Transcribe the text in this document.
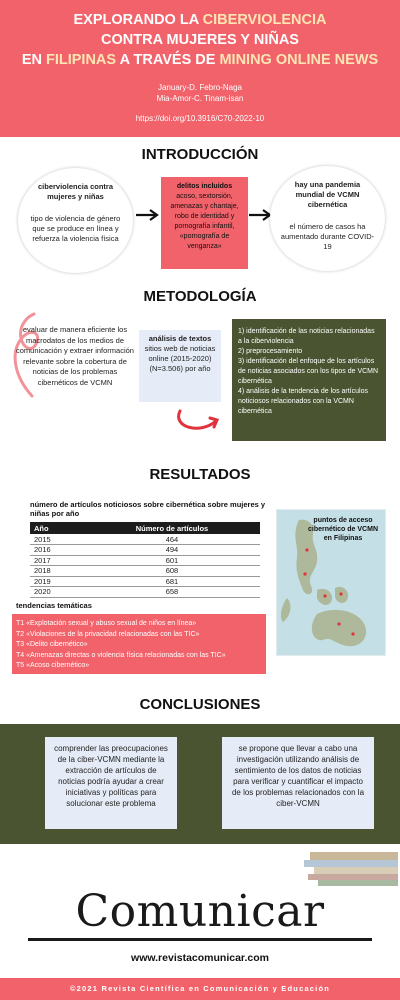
EXPLORANDO LA CIBERVIOLENCIA
CONTRA MUJERES Y NIÑAS
EN FILIPINAS A TRAVÉS DE MINING ONLINE NEWS
January-D. Febro-Naga
Mia-Amor-C. Tinam-isan
https://doi.org/10.3916/C70-2022-10
INTRODUCCIÓN
ciberviolencia contra mujeres y niñas
tipo de violencia de género que se produce en línea y refuerza la violencia física
delitos incluidos
acoso, sextorsión, amenazas y chantaje, robo de identidad y pornografía infantil, «pornografía de venganza»
hay una pandemia mundial de VCMN cibernética
el número de casos ha aumentado durante COVID-19
METODOLOGÍA
evaluar de manera eficiente los macrodatos de los medios de comunicación y extraer información relevante sobre la cobertura de noticias de los problemas cibernéticos de VCMN
análisis de textos
sitios web de noticias online (2015-2020) (N=3.506) por año
1) identificación de las noticias relacionadas a la ciberviolencia
2) preprocesamiento
3) identificación del enfoque de los artículos de noticias asociados con los tipos de VCMN cibernética
4) análisis de la tendencia de los artículos noticiosos relacionados con la VCMN cibernética
RESULTADOS
número de artículos noticiosos sobre cibernética sobre mujeres y niñas por año
Año	Número de artículos
2015	464
2016	494
2017	601
2018	608
2019	681
2020	658
puntos de acceso cibernético de VCMN en Filipinas
tendencias temáticas
T1 «Explotación sexual y abuso sexual de niños en línea»
T2 «Violaciones de la privacidad relacionadas con las TIC»
T3 «Delito cibernético»
T4 «Amenazas directas o violencia física relacionadas con las TIC»
T5 «Acoso cibernético»
CONCLUSIONES
comprender las preocupaciones de la ciber-VCMN mediante la extracción de artículos de noticias podría ayudar a crear iniciativas y políticas para solucionar este problema
se propone que llevar a cabo una investigación utilizando análisis de sentimiento de los datos de noticias para verificar y cuantificar el impacto de los problemas relacionados con la ciber-VCMN
Comunicar
www.revistacomunicar.com
©2021 Revista Científica en Comunicación y Educación
